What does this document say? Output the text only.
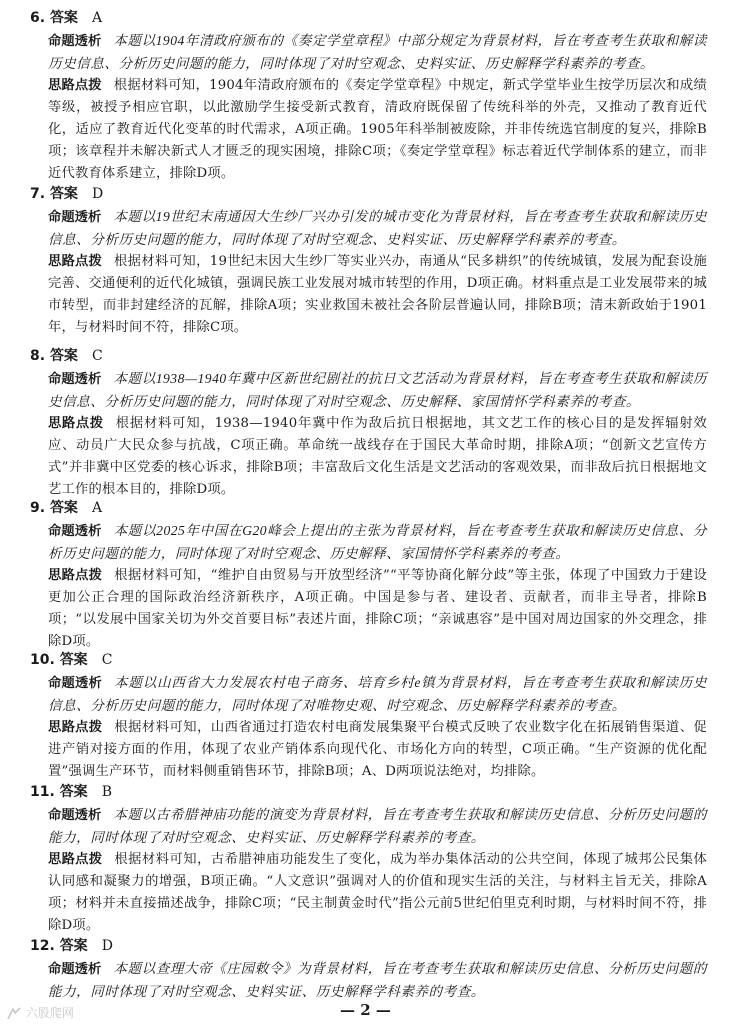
6. 答案 A
命题透析 本题以1904年清政府颁布的《奏定学堂章程》中部分规定为背景材料，旨在考查考生获取和解读历史信息、分析历史问题的能力，同时体现了对时空观念、史料实证、历史解释学科素养的考查。
思路点拨 根据材料可知，1904年清政府颁布的《奏定学堂章程》中规定，新式学堂毕业生按学历层次和成绩等级，被授予相应官职，以此激励学生接受新式教育，清政府既保留了传统科举的外壳，又推动了教育近代化，适应了教育近代化变革的时代需求，A项正确。1905年科举制被废除，并非传统选官制度的复兴，排除B项；该章程并未解决新式人才匮乏的现实困境，排除C项；《奏定学堂章程》标志着近代学制体系的建立，而非近代教育体系建立，排除D项。
7. 答案 D
命题透析 本题以19世纪末南通因大生纱厂兴办引发的城市变化为背景材料，旨在考查考生获取和解读历史信息、分析历史问题的能力，同时体现了对时空观念、史料实证、历史解释学科素养的考查。
思路点拨 根据材料可知，19世纪末因大生纱厂等实业兴办，南通从“民多耕织”的传统城镇，发展为配套设施完善、交通便利的近代化城镇，强调民族工业发展对城市转型的作用，D项正确。材料重点是工业发展带来的城市转型，而非封建经济的瓦解，排除A项；实业救国未被社会各阶层普遍认同，排除B项；清末新政始于1901年，与材料时间不符，排除C项。
8. 答案 C
命题透析 本题以1938—1940年冀中区新世纪剧社的抗日文艺活动为背景材料，旨在考查考生获取和解读历史信息、分析历史问题的能力，同时体现了对时空观念、历史解释、家国情怀学科素养的考查。
思路点拨 根据材料可知，1938—1940年冀中作为敌后抗日根据地，其文艺工作的核心目的是发挥辐射效应、动员广大民众参与抗战，C项正确。革命统一战线存在于国民大革命时期，排除A项；“创新文艺宣传方式”并非冀中区党委的核心诉求，排除B项；丰富敌后文化生活是文艺活动的客观效果，而非敌后抗日根据地文艺工作的根本目的，排除D项。
9. 答案 A
命题透析 本题以2025年中国在G20峰会上提出的主张为背景材料，旨在考查考生获取和解读历史信息、分析历史问题的能力，同时体现了对时空观念、历史解释、家国情怀学科素养的考查。
思路点拨 根据材料可知，“维护自由贸易与开放型经济”“平等协商化解分歧”等主张，体现了中国致力于建设更加公正合理的国际政治经济新秩序，A项正确。中国是参与者、建设者、贡献者，而非主导者，排除B项；“以发展中国家关切为外交首要目标”表述片面，排除C项；“亲诚惠容”是中国对周边国家的外交理念，排除D项。
10. 答案 C
命题透析 本题以山西省大力发展农村电子商务、培育乡村e镇为背景材料，旨在考查考生获取和解读历史信息、分析历史问题的能力，同时体现了对唯物史观、时空观念、历史解释学科素养的考查。
思路点拨 根据材料可知，山西省通过打造农村电商发展集聚平台模式反映了农业数字化在拓展销售渠道、促进产销对接方面的作用，体现了农业产销体系向现代化、市场化方向的转型，C项正确。“生产资源的优化配置”强调生产环节，而材料侧重销售环节，排除B项；A、D两项说法绝对，均排除。
11. 答案 B
命题透析 本题以古希腊神庙功能的演变为背景材料，旨在考查考生获取和解读历史信息、分析历史问题的能力，同时体现了对时空观念、史料实证、历史解释学科素养的考查。
思路点拨 根据材料可知，古希腊神庙功能发生了变化，成为举办集体活动的公共空间，体现了城邦公民集体认同感和凝聚力的增强，B项正确。“人文意识”强调对人的价值和现实生活的关注，与材料主旨无关，排除A项；材料并未直接描述战争，排除C项；“民主制黄金时代”指公元前5世纪伯里克利时期，与材料时间不符，排除D项。
12. 答案 D
命题透析 本题以查理大帝《庄园敕令》为背景材料，旨在考查考生获取和解读历史信息、分析历史问题的能力，同时体现了对时空观念、史料实证、历史解释学科素养的考查。
— 2 —
六股爬网
